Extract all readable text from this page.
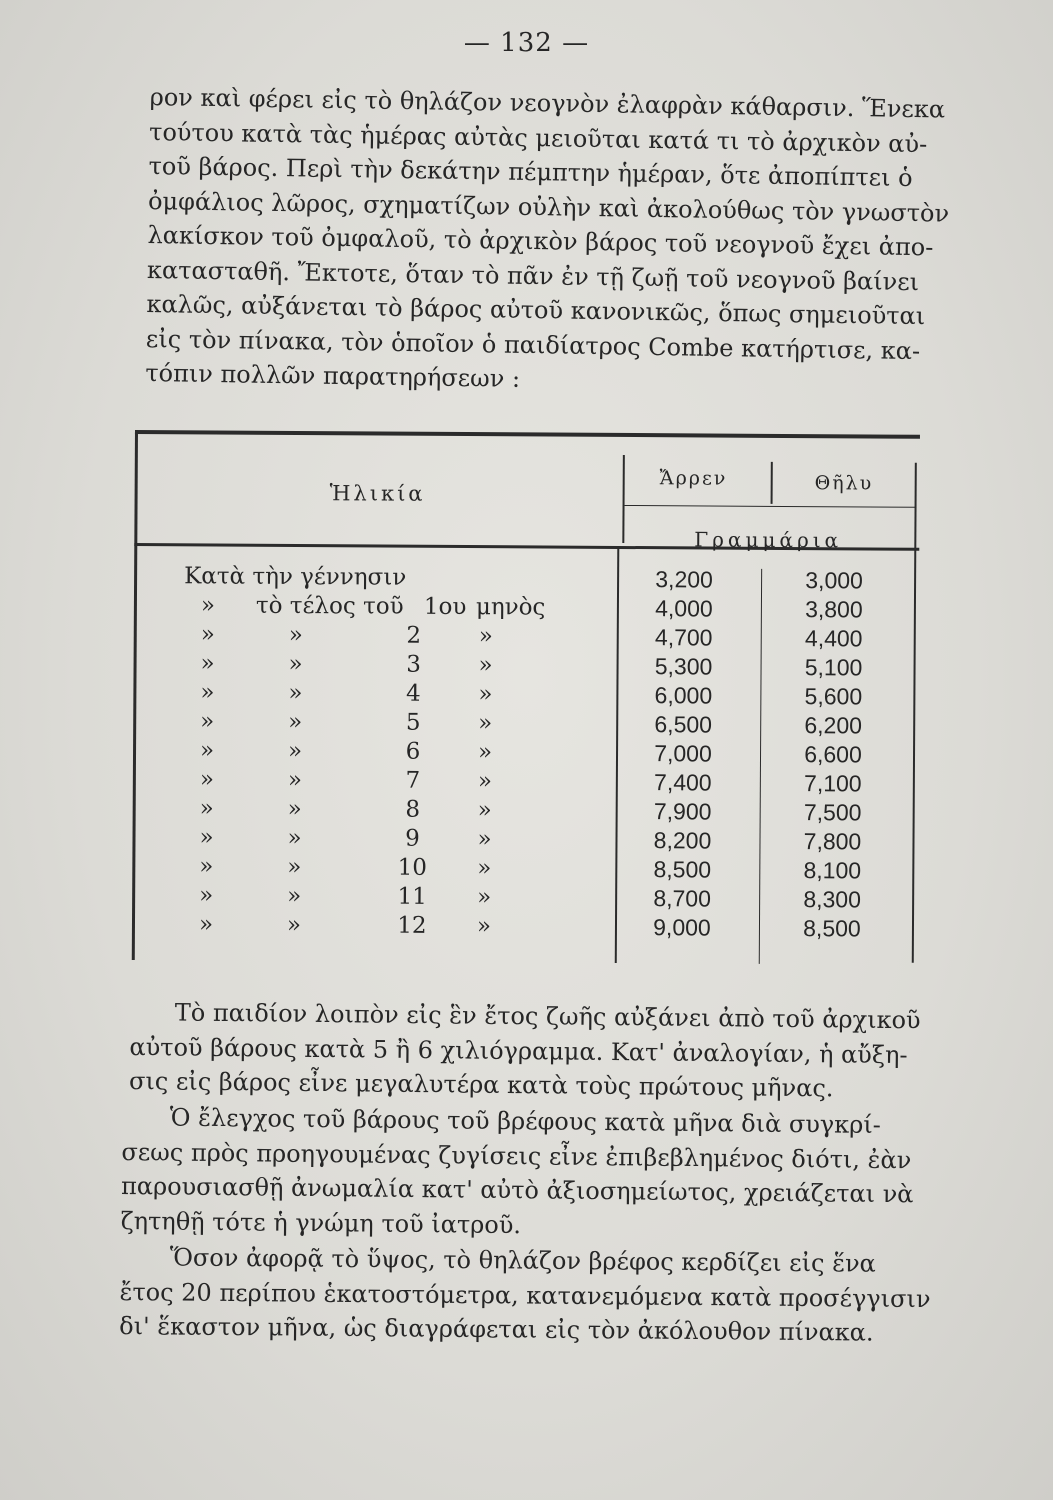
— 132 —

ρον καὶ φέρει εἰς τὸ θηλάζον νεογνὸν ἐλαφρὰν κάθαρσιν. Ἕνεκα
τούτου κατὰ τὰς ἡμέρας αὐτὰς μειοῦται κατά τι τὸ ἀρχικὸν αὐ-
τοῦ βάρος. Περὶ τὴν δεκάτην πέμπτην ἡμέραν, ὅτε ἀποπίπτει ὁ
ὀμφάλιος λῶρος, σχηματίζων οὐλὴν καὶ ἀκολούθως τὸν γνωστὸν
λακίσκον τοῦ ὀμφαλοῦ, τὸ ἀρχικὸν βάρος τοῦ νεογνοῦ ἔχει ἀπο-
κατασταθῆ. Ἔκτοτε, ὅταν τὸ πᾶν ἐν τῇ ζωῇ τοῦ νεογνοῦ βαίνει
καλῶς, αὐξάνεται τὸ βάρος αὐτοῦ κανονικῶς, ὅπως σημειοῦται
εἰς τὸν πίνακα, τὸν ὁποῖον ὁ παιδίατρος Combe κατήρτισε, κα-
τόπιν πολλῶν παρατηρήσεων :

Ἡλικία
Ἄρρεν	Θῆλυ
Γραμμάρια
Κατὰ τὴν γέννησιν	3,200	3,000
» τὸ τέλος τοῦ 1ου μηνὸς	4,000	3,800
»	»	2	»	4,700	4,400
»	»	3	»	5,300	5,100
»	»	4	»	6,000	5,600
»	»	5	»	6,500	6,200
»	»	6	»	7,000	6,600
»	»	7	»	7,400	7,100
»	»	8	»	7,900	7,500
»	»	9	»	8,200	7,800
»	»	10 »	8,500	8,100
»	»	11 »	8,700	8,300
»	»	12 »	9,000	8,500

Τὸ παιδίον λοιπὸν εἰς ἓν ἔτος ζωῆς αὐξάνει ἀπὸ τοῦ ἀρχικοῦ
αὐτοῦ βάρους κατὰ 5 ἢ 6 χιλιόγραμμα. Κατ' ἀναλογίαν, ἡ αὔξη-
σις εἰς βάρος εἶνε μεγαλυτέρα κατὰ τοὺς πρώτους μῆνας.

Ὁ ἔλεγχος τοῦ βάρους τοῦ βρέφους κατὰ μῆνα διὰ συγκρί-
σεως πρὸς προηγουμένας ζυγίσεις εἶνε ἐπιβεβλημένος διότι, ἐὰν
παρουσιασθῇ ἀνωμαλία κατ' αὐτὸ ἀξιοσημείωτος, χρειάζεται νὰ
ζητηθῇ τότε ἡ γνώμη τοῦ ἰατροῦ.

Ὅσον ἀφορᾷ τὸ ὕψος, τὸ θηλάζον βρέφος κερδίζει εἰς ἕνα
ἔτος 20 περίπου ἑκατοστόμετρα, κατανεμόμενα κατὰ προσέγγισιν
δι' ἕκαστον μῆνα, ὡς διαγράφεται εἰς τὸν ἀκόλουθον πίνακα.
